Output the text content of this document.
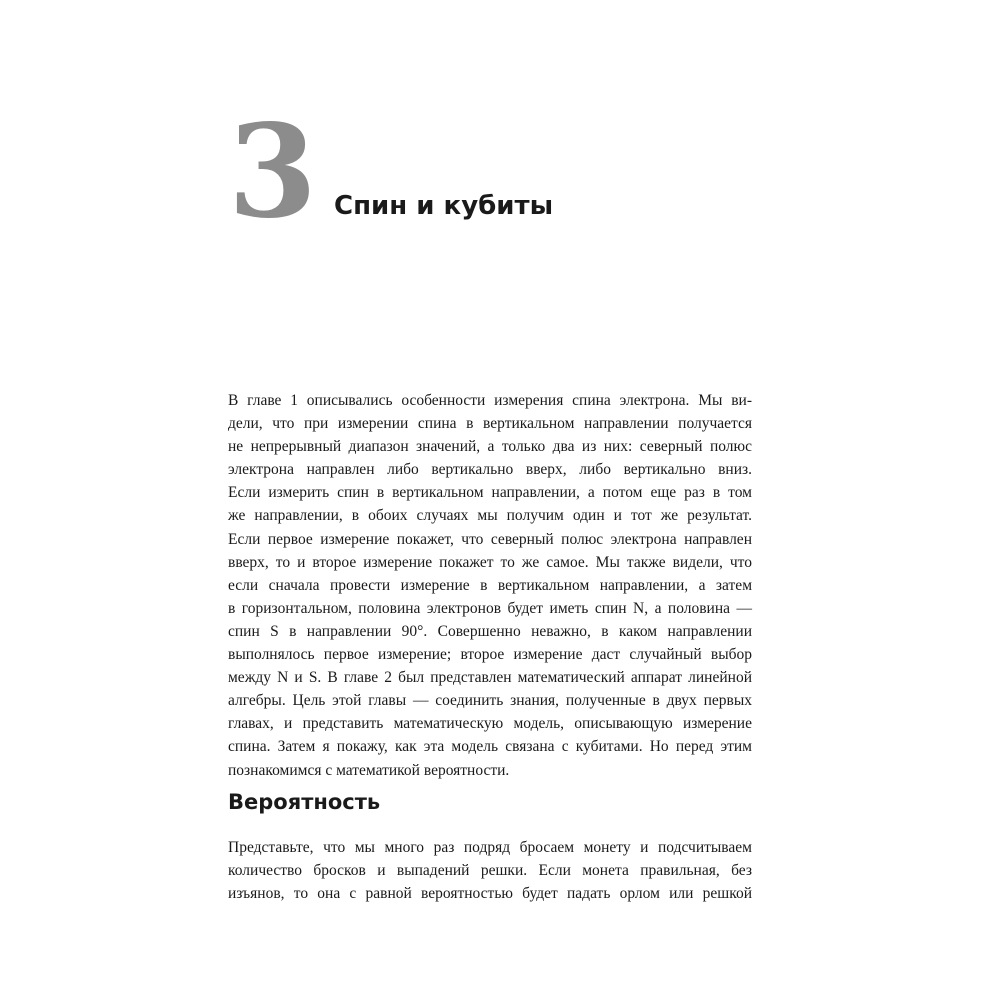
3 Спин и кубиты
В главе 1 описывались особенности измерения спина электрона. Мы ви-
дели, что при измерении спина в вертикальном направлении получается
не непрерывный диапазон значений, а только два из них: северный полюс
электрона направлен либо вертикально вверх, либо вертикально вниз.
Если измерить спин в вертикальном направлении, а потом еще раз в том
же направлении, в обоих случаях мы получим один и тот же результат.
Если первое измерение покажет, что северный полюс электрона направлен
вверх, то и второе измерение покажет то же самое. Мы также видели, что
если сначала провести измерение в вертикальном направлении, а затем
в горизонтальном, половина электронов будет иметь спин N, а половина —
спин S в направлении 90°. Совершенно неважно, в каком направлении
выполнялось первое измерение; второе измерение даст случайный выбор
между N и S. В главе 2 был представлен математический аппарат линейной
алгебры. Цель этой главы — соединить знания, полученные в двух первых
главах, и представить математическую модель, описывающую измерение
спина. Затем я покажу, как эта модель связана с кубитами. Но перед этим
познакомимся с математикой вероятности.
Вероятность
Представьте, что мы много раз подряд бросаем монету и подсчитываем
количество бросков и выпадений решки. Если монета правильная, без
изъянов, то она с равной вероятностью будет падать орлом или решкой
